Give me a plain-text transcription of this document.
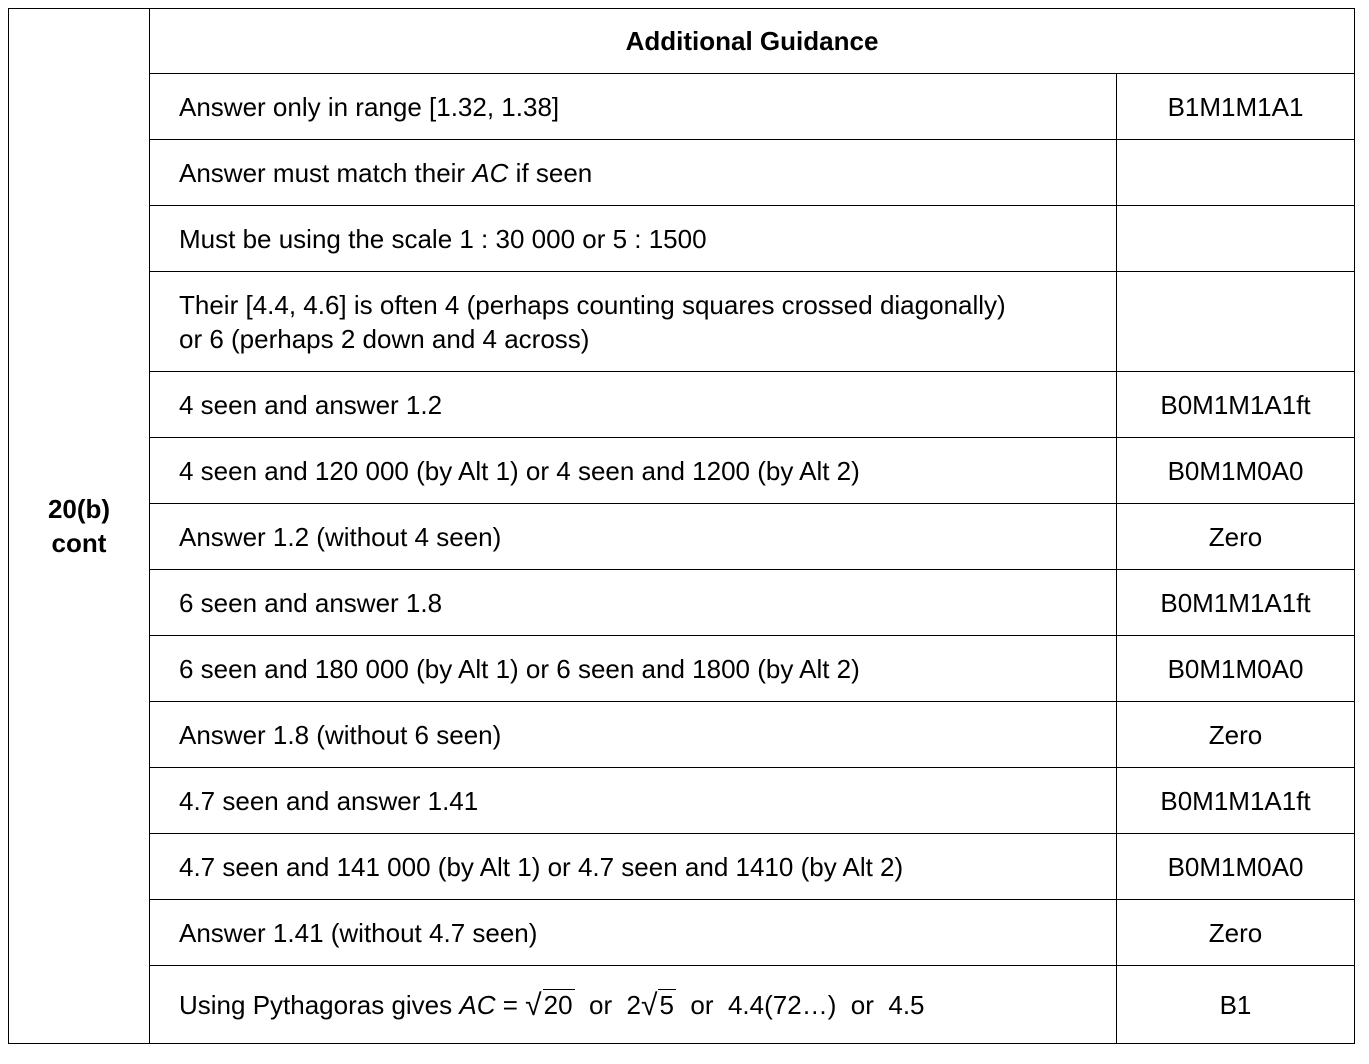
20(b)
cont	Additional Guidance	
	Answer only in range [1.32, 1.38]	B1M1M1A1
	Answer must match their AC if seen	
	Must be using the scale 1 : 30 000 or 5 : 1500	
	Their [4.4, 4.6] is often 4 (perhaps counting squares crossed diagonally)
or 6 (perhaps 2 down and 4 across)	
	4 seen and answer 1.2	B0M1M1A1ft
	4 seen and 120 000 (by Alt 1) or 4 seen and 1200 (by Alt 2)	B0M1M0A0
	Answer 1.2 (without 4 seen)	Zero
	6 seen and answer 1.8	B0M1M1A1ft
	6 seen and 180 000 (by Alt 1) or 6 seen and 1800 (by Alt 2)	B0M1M0A0
	Answer 1.8 (without 6 seen)	Zero
	4.7 seen and answer 1.41	B0M1M1A1ft
	4.7 seen and 141 000 (by Alt 1) or 4.7 seen and 1410 (by Alt 2)	B0M1M0A0
	Answer 1.41 (without 4.7 seen)	Zero
	Using Pythagoras gives AC = √20  or  2√5  or  4.4(72…)  or  4.5	B1
